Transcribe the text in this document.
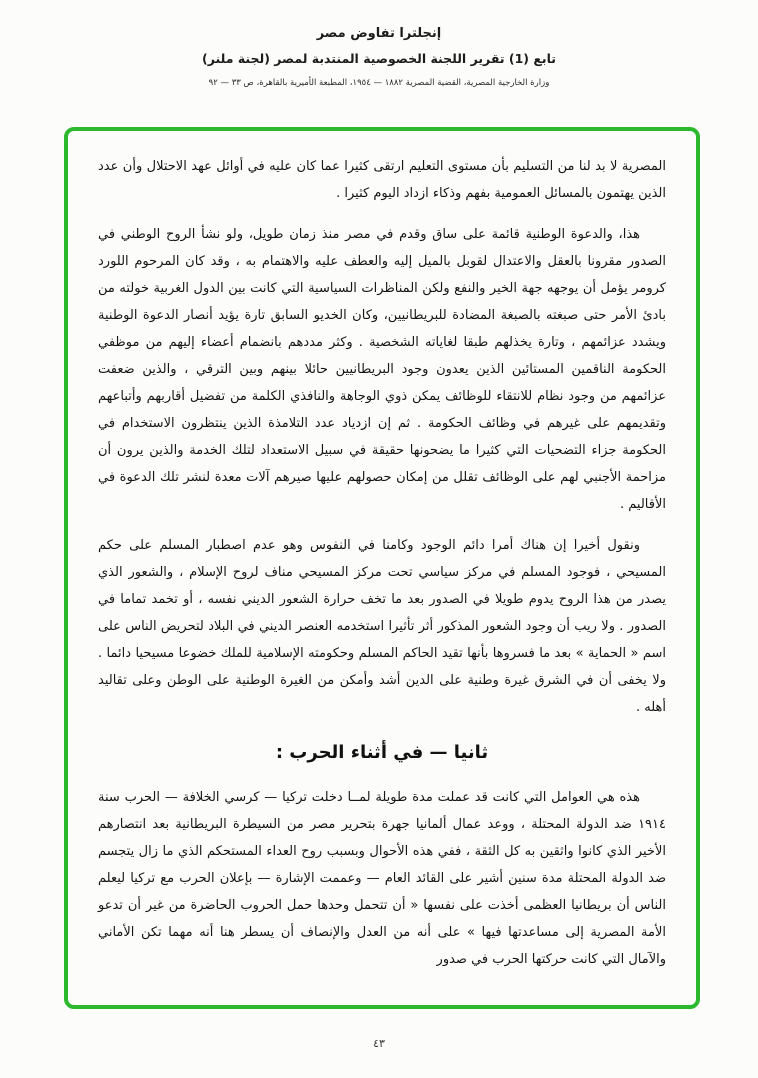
إنجلترا تفاوض مصر
تابع (1) تقرير اللجنة الخصوصية المنتدبة لمصر (لجنة ملنر)
وزارة الخارجية المصرية، القضية المصرية ١٨٨٢ — ١٩٥٤، المطبعة الأميرية بالقاهرة، ص ٣٣ — ٩٢

المصرية لا بد لنا من التسليم بأن مستوى التعليم ارتقى كثيرا عما كان عليه في أوائل عهد الاحتلال وأن عدد الذين يهتمون بالمسائل العمومية بفهم وذكاء ازداد اليوم كثيرا .

هذا، والدعوة الوطنية قائمة على ساق وقدم في مصر منذ زمان طويل، ولو نشأ الروح الوطني في الصدور مقرونا بالعقل والاعتدال لقوبل بالميل إليه والعطف عليه والاهتمام به ، وقد كان المرحوم اللورد كرومر يؤمل أن يوجهه جهة الخير والنفع ولكن المناظرات السياسية التي كانت بين الدول الغربية خولته من بادئ الأمر حتى صبغته بالصبغة المضادة للبريطانيين، وكان الخديو السابق تارة يؤيد أنصار الدعوة الوطنية ويشدد عزائمهم ، وتارة يخذلهم طبقا لغاياته الشخصية . وكثر مددهم بانضمام أعضاء إليهم من موظفي الحكومة الناقمين المستائين الذين يعدون وجود البريطانيين حائلا بينهم وبين الترقي ، والذين ضعفت عزائمهم من وجود نظام للانتقاء للوظائف يمكن ذوي الوجاهة والنافذي الكلمة من تفضيل أقاربهم وأتباعهم وتقديمهم على غيرهم في وظائف الحكومة . ثم إن ازدياد عدد التلامذة الذين ينتظرون الاستخدام في الحكومة جزاء التضحيات التي كثيرا ما يضحونها حقيقة في سبيل الاستعداد لتلك الخدمة والذين يرون أن مزاحمة الأجنبي لهم على الوظائف تقلل من إمكان حصولهم عليها صيرهم آلات معدة لنشر تلك الدعوة في الأقاليم .

ونقول أخيرا إن هناك أمرا دائم الوجود وكامنا في النفوس وهو عدم اصطبار المسلم على حكم المسيحي ، فوجود المسلم في مركز سياسي تحت مركز المسيحي مناف لروح الإسلام ، والشعور الذي يصدر من هذا الروح يدوم طويلا في الصدور بعد ما تخف حرارة الشعور الديني نفسه ، أو تخمد تماما في الصدور . ولا ريب أن وجود الشعور المذكور أثر تأثيرا استخدمه العنصر الديني في البلاد لتحريض الناس على اسم « الحماية » بعد ما فسروها بأنها تقيد الحاكم المسلم وحكومته الإسلامية للملك خضوعا مسيحيا دائما . ولا يخفى أن في الشرق غيرة وطنية على الدين أشد وأمكن من الغيرة الوطنية على الوطن وعلى تقاليد أهله .

ثانيا — في أثناء الحرب :

هذه هي العوامل التي كانت قد عملت مدة طويلة لمــا دخلت تركيا — كرسي الخلافة — الحرب سنة ١٩١٤ ضد الدولة المحتلة ، ووعد عمال ألمانيا جهرة بتحرير مصر من السيطرة البريطانية بعد انتصارهم الأخير الذي كانوا واثقين به كل الثقة ، ففي هذه الأحوال وبسبب روح العداء المستحكم الذي ما زال يتجسم ضد الدولة المحتلة مدة سنين أشير على القائد العام — وعممت الإشارة — بإعلان الحرب مع تركيا ليعلم الناس أن بريطانيا العظمى أخذت على نفسها « أن تتحمل وحدها حمل الحروب الحاضرة من غير أن تدعو الأمة المصرية إلى مساعدتها فيها » على أنه من العدل والإنصاف أن يسطر هنا أنه مهما تكن الأماني والآمال التي كانت حركتها الحرب في صدور

٤٣
